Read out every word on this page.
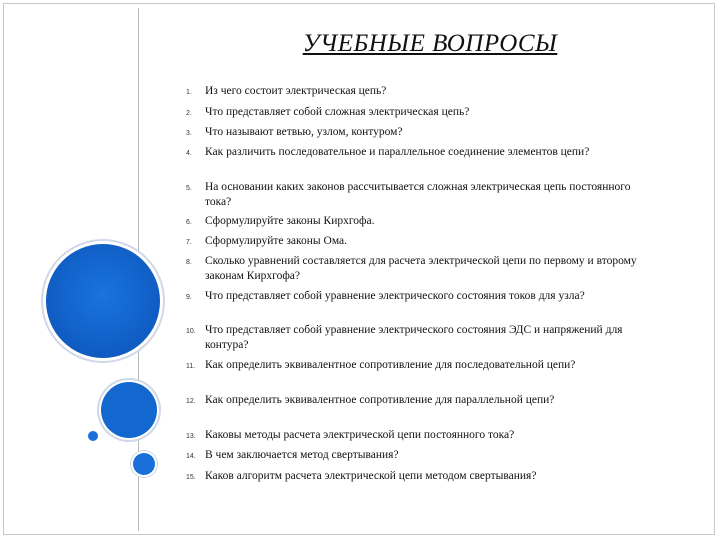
УЧЕБНЫЕ ВОПРОСЫ
1. Из чего состоит электрическая цепь?
2. Что представляет собой сложная электрическая цепь?
3. Что называют ветвью, узлом, контуром?
4. Как различить последовательное и параллельное соединение элементов цепи?
5. На основании каких законов рассчитывается сложная электрическая цепь постоянного тока?
6. Сформулируйте законы Кирхгофа.
7. Сформулируйте законы Ома.
8. Сколько уравнений составляется для расчета электрической цепи по первому и второму законам Кирхгофа?
9. Что представляет собой уравнение электрического состояния токов для узла?
10. Что представляет собой уравнение электрического состояния ЭДС и напряжений для контура?
11. Как определить эквивалентное сопротивление для последовательной цепи?
12. Как определить эквивалентное сопротивление для параллельной цепи?
13. Каковы методы расчета электрической цепи постоянного тока?
14. В чем заключается метод свертывания?
15. Каков алгоритм расчета электрической цепи методом свертывания?
